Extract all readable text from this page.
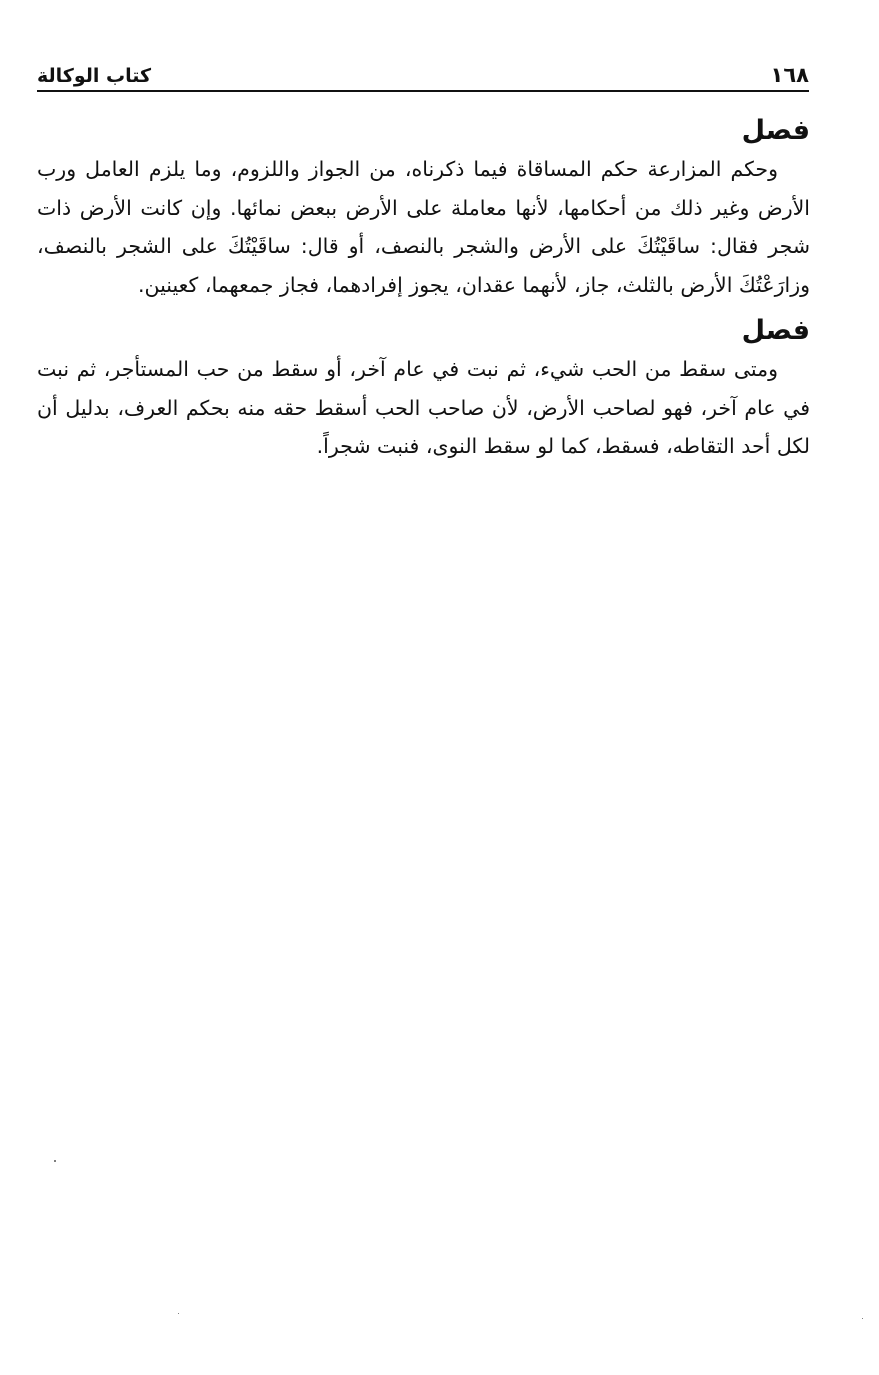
١٦٨
كتاب الوكالة
فصل

وحكم المزارعة حكم المساقاة فيما ذكرناه، من الجواز واللزوم، وما يلزم العامل ورب الأرض وغير ذلك من أحكامها، لأنها معاملة على الأرض ببعض نمائها. وإن كانت الأرض ذات شجر فقال: ساقَيْتُكَ على الأرض والشجر بالنصف، أو قال: ساقَيْتُكَ على الشجر بالنصف، وزارَعْتُكَ الأرض بالثلث، جاز، لأنهما عقدان، يجوز إفرادهما، فجاز جمعهما، كعينين.

فصل

ومتى سقط من الحب شيء، ثم نبت في عام آخر، أو سقط من حب المستأجر، ثم نبت في عام آخر، فهو لصاحب الأر‌ض، لأن صاحب الحب أسقط حقه منه بحكم العرف، بدليل أن لكل أحد التقاطه، فسقط، كما لو سقط النوى، فنبت شجراً.
